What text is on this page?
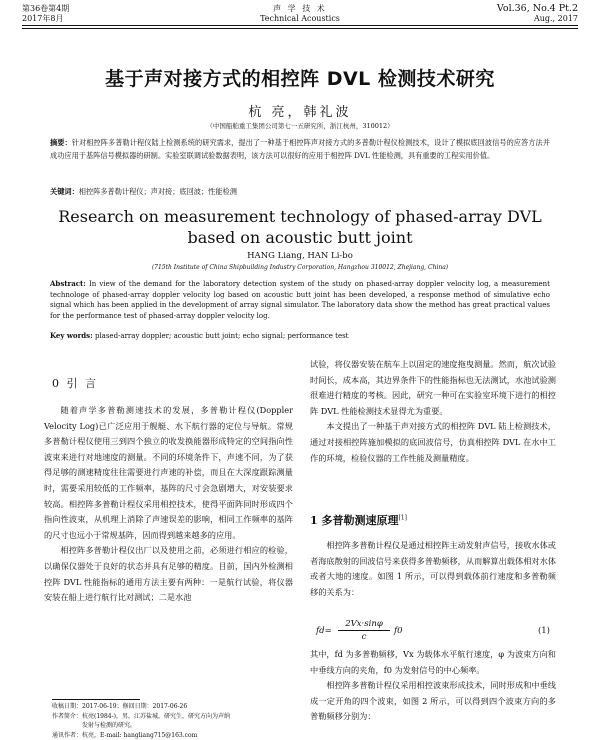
第36卷第4期
2017年8月
声 学 技 术
Technical Acoustics
Vol.36, No.4 Pt.2
Aug., 2017
基于声对接方式的相控阵 DVL 检测技术研究
杭 亮，韩礼波
（中国船舶重工集团公司第七一五研究所，浙江杭州，310012）
摘要：针对相控阵多普勒计程仪陆上检测系统的研究需求，提出了一种基于相控阵声对接方式的多普勒计程仪检测技术，设计了模拟底回波信号的应答方法并成功应用于基阵信号模拟器的研制。实验室联调试验数据表明，该方法可以很好的应用于相控阵 DVL 性能检测，具有重要的工程实用价值。
关键词：相控阵多普勒计程仪；声对接；底回波；性能检测
Research on measurement technology of phased-array DVL
based on acoustic butt joint
HANG Liang, HAN Li-bo
(715th Institute of China Shipbuilding Industry Corporation, Hangzhou 310012, Zhejiang, China)
Abstract: In view of the demand for the laboratory detection system of the study on phased-array doppler velocity log, a measurement technologe of phased-array doppler velocity log based on acoustic butt joint has been developed, a response method of simulative echo signal which has been applied in the development of array signal simulator. The laboratory data show the method has great practical values for the performance test of phased-array doppler velocity log.
Key words: plased-array doppler; acoustic butt joint; echo signal; performance test
0 引 言

随着声学多普勒测速技术的发展，多普勒计程仪(Doppler Velocity Log)已广泛应用于舰艇、水下航行器的定位与导航。常规多普勒计程仪使用三到四个独立的收发换能器形成特定的空间指向性波束来进行对地速度的测量。不同的环境条件下，声速不同，为了获得足够的测速精度往往需要进行声速的补偿，而且在大深度跟踪测量时，需要采用较低的工作频率，基阵的尺寸会急剧增大，对安装要求较高。相控阵多普勒计程仪采用相控技术，使得平面阵同时形成四个指向性波束，从机理上消除了声速误差的影响，相同工作频率的基阵的尺寸也远小于常规基阵，因而得到越来越多的应用。

相控阵多普勒计程仪出厂以及使用之前，必须进行相应的检验，以确保仪器处于良好的状态并具有足够的精度。目前，国内外检测相控阵 DVL 性能指标的通用方法主要有两种：一是航行试验，将仪器安装在船上进行航行比对测试；二是水池

试验，将仪器安装在航车上以固定的速度拖曳测量。然而，航次试验时间长，成本高，其边界条件下的性能指标也无法测试，水池试验测很难进行精度的考核。因此，研究一种可在实验室环境下进行的相控阵 DVL 性能检测技术显得尤为重要。

本文提出了一种基于声对接方式的相控阵 DVL 陆上检测技术，通过对接相控阵施加模拟的底回波信号，仿真相控阵 DVL 在水中工作的环境，检验仪器的工作性能及测量精度。

1 多普勒测速原理[1]

相控阵多普勒计程仪是通过相控阵主动发射声信号，接收水体或者海底散射的回波信号来获得多普勒频移，从而解算出载体相对水体或者大地的速度。如图 1 所示，可以得到载体前行速度和多普勒频移的关系为：

$fd= \frac{2Vx\cdot\sin\varphi}{c} f0$	(1)

其中，fd 为多普勒频移，Vx 为载体水平航行速度，φ 为波束方向和中垂线方向的夹角，f0 为发射信号的中心频率。

相控阵多普勒计程仪采用相控波束形成技术，同时形成和中垂线成一定开角的四个波束，如图 2 所示，可以得到四个波束方向的多普勒频移分别为：

收稿日期：2017-06-19；修回日期：2017-06-26
作者简介：杭亮(1984-)，男，江苏盐城，研究生，研究方向为声纳
发射与检测的研究。
通讯作者：杭亮，E-mail: hangliang715@163.com
